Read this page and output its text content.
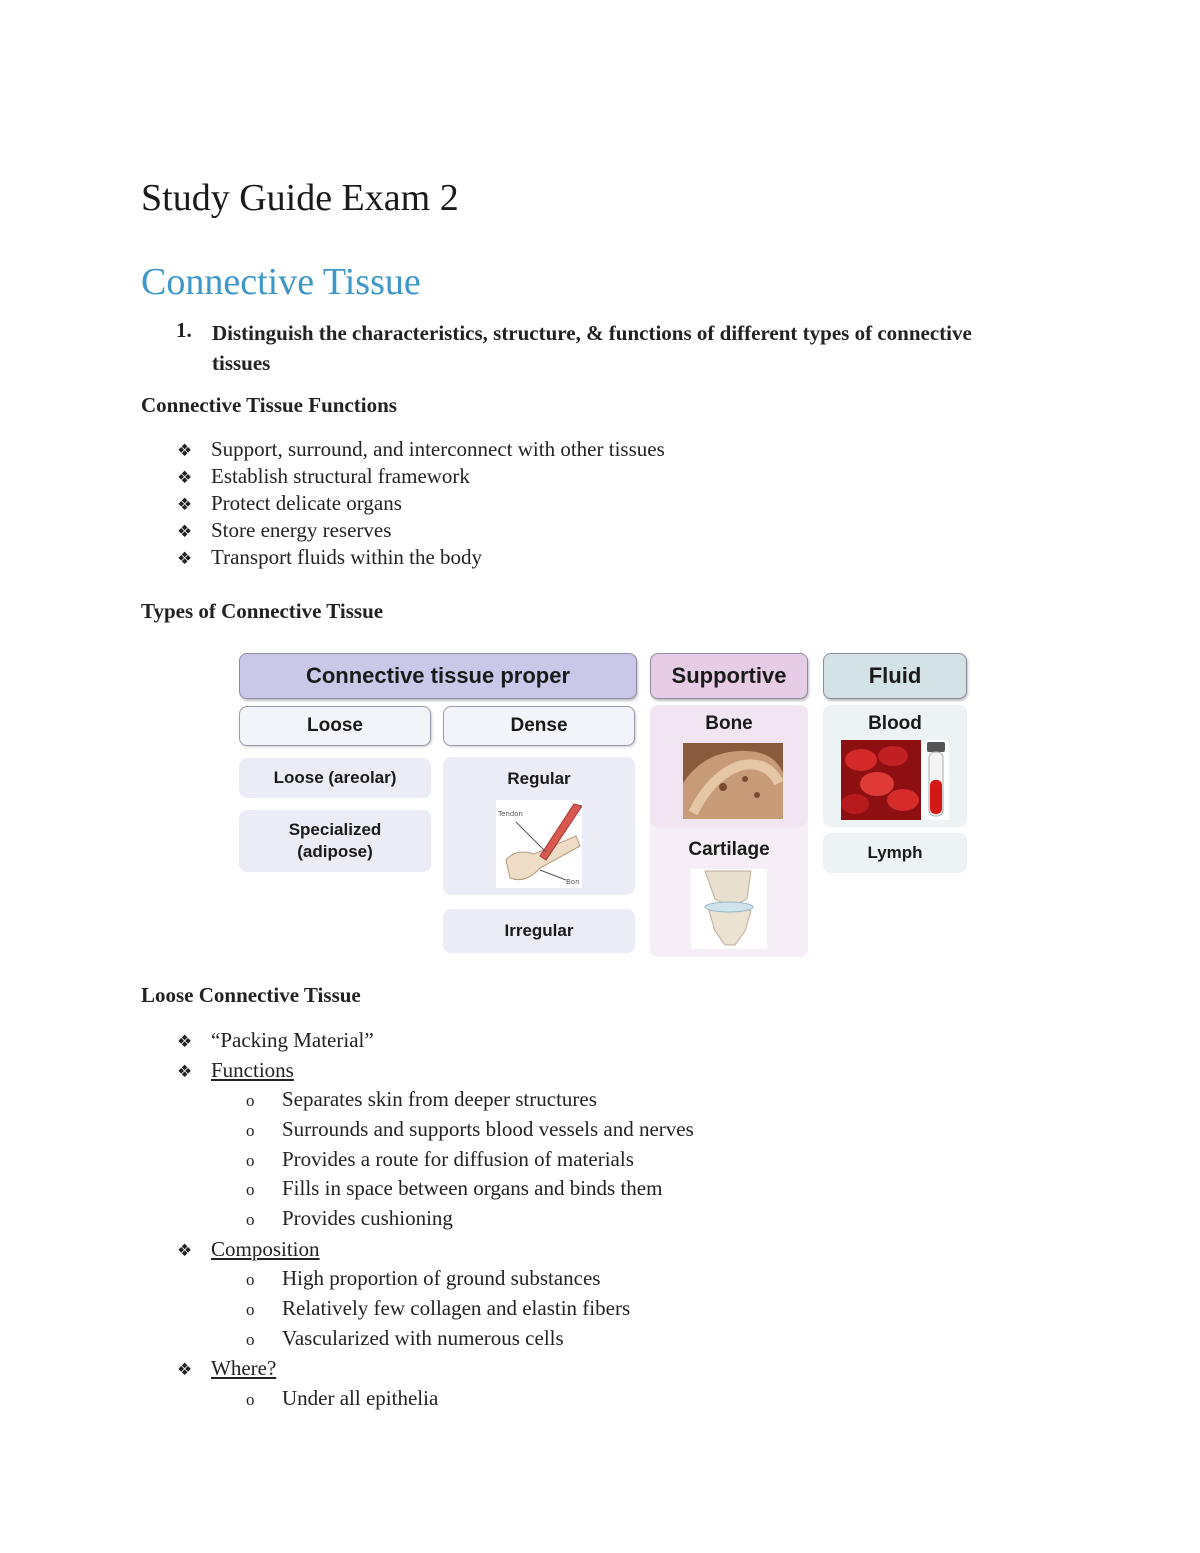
Study Guide Exam 2
Connective Tissue
1. Distinguish the characteristics, structure, & functions of different types of connective tissues
Connective Tissue Functions
❖ Support, surround, and interconnect with other tissues
❖ Establish structural framework
❖ Protect delicate organs
❖ Store energy reserves
❖ Transport fluids within the body
Types of Connective Tissue
Connective tissue proper	Supportive	Fluid
Loose	Dense
Loose (areolar)
Specialized
(adipose)
Regular
Tendon
Bon
Irregular
Bone
Cartilage
Blood
Lymph
Loose Connective Tissue
❖ “Packing Material”
❖ Functions
o Separates skin from deeper structures
o Surrounds and supports blood vessels and nerves
o Provides a route for diffusion of materials
o Fills in space between organs and binds them
o Provides cushioning
❖ Composition
o High proportion of ground substances
o Relatively few collagen and elastin fibers
o Vascularized with numerous cells
❖ Where?
o Under all epithelia
